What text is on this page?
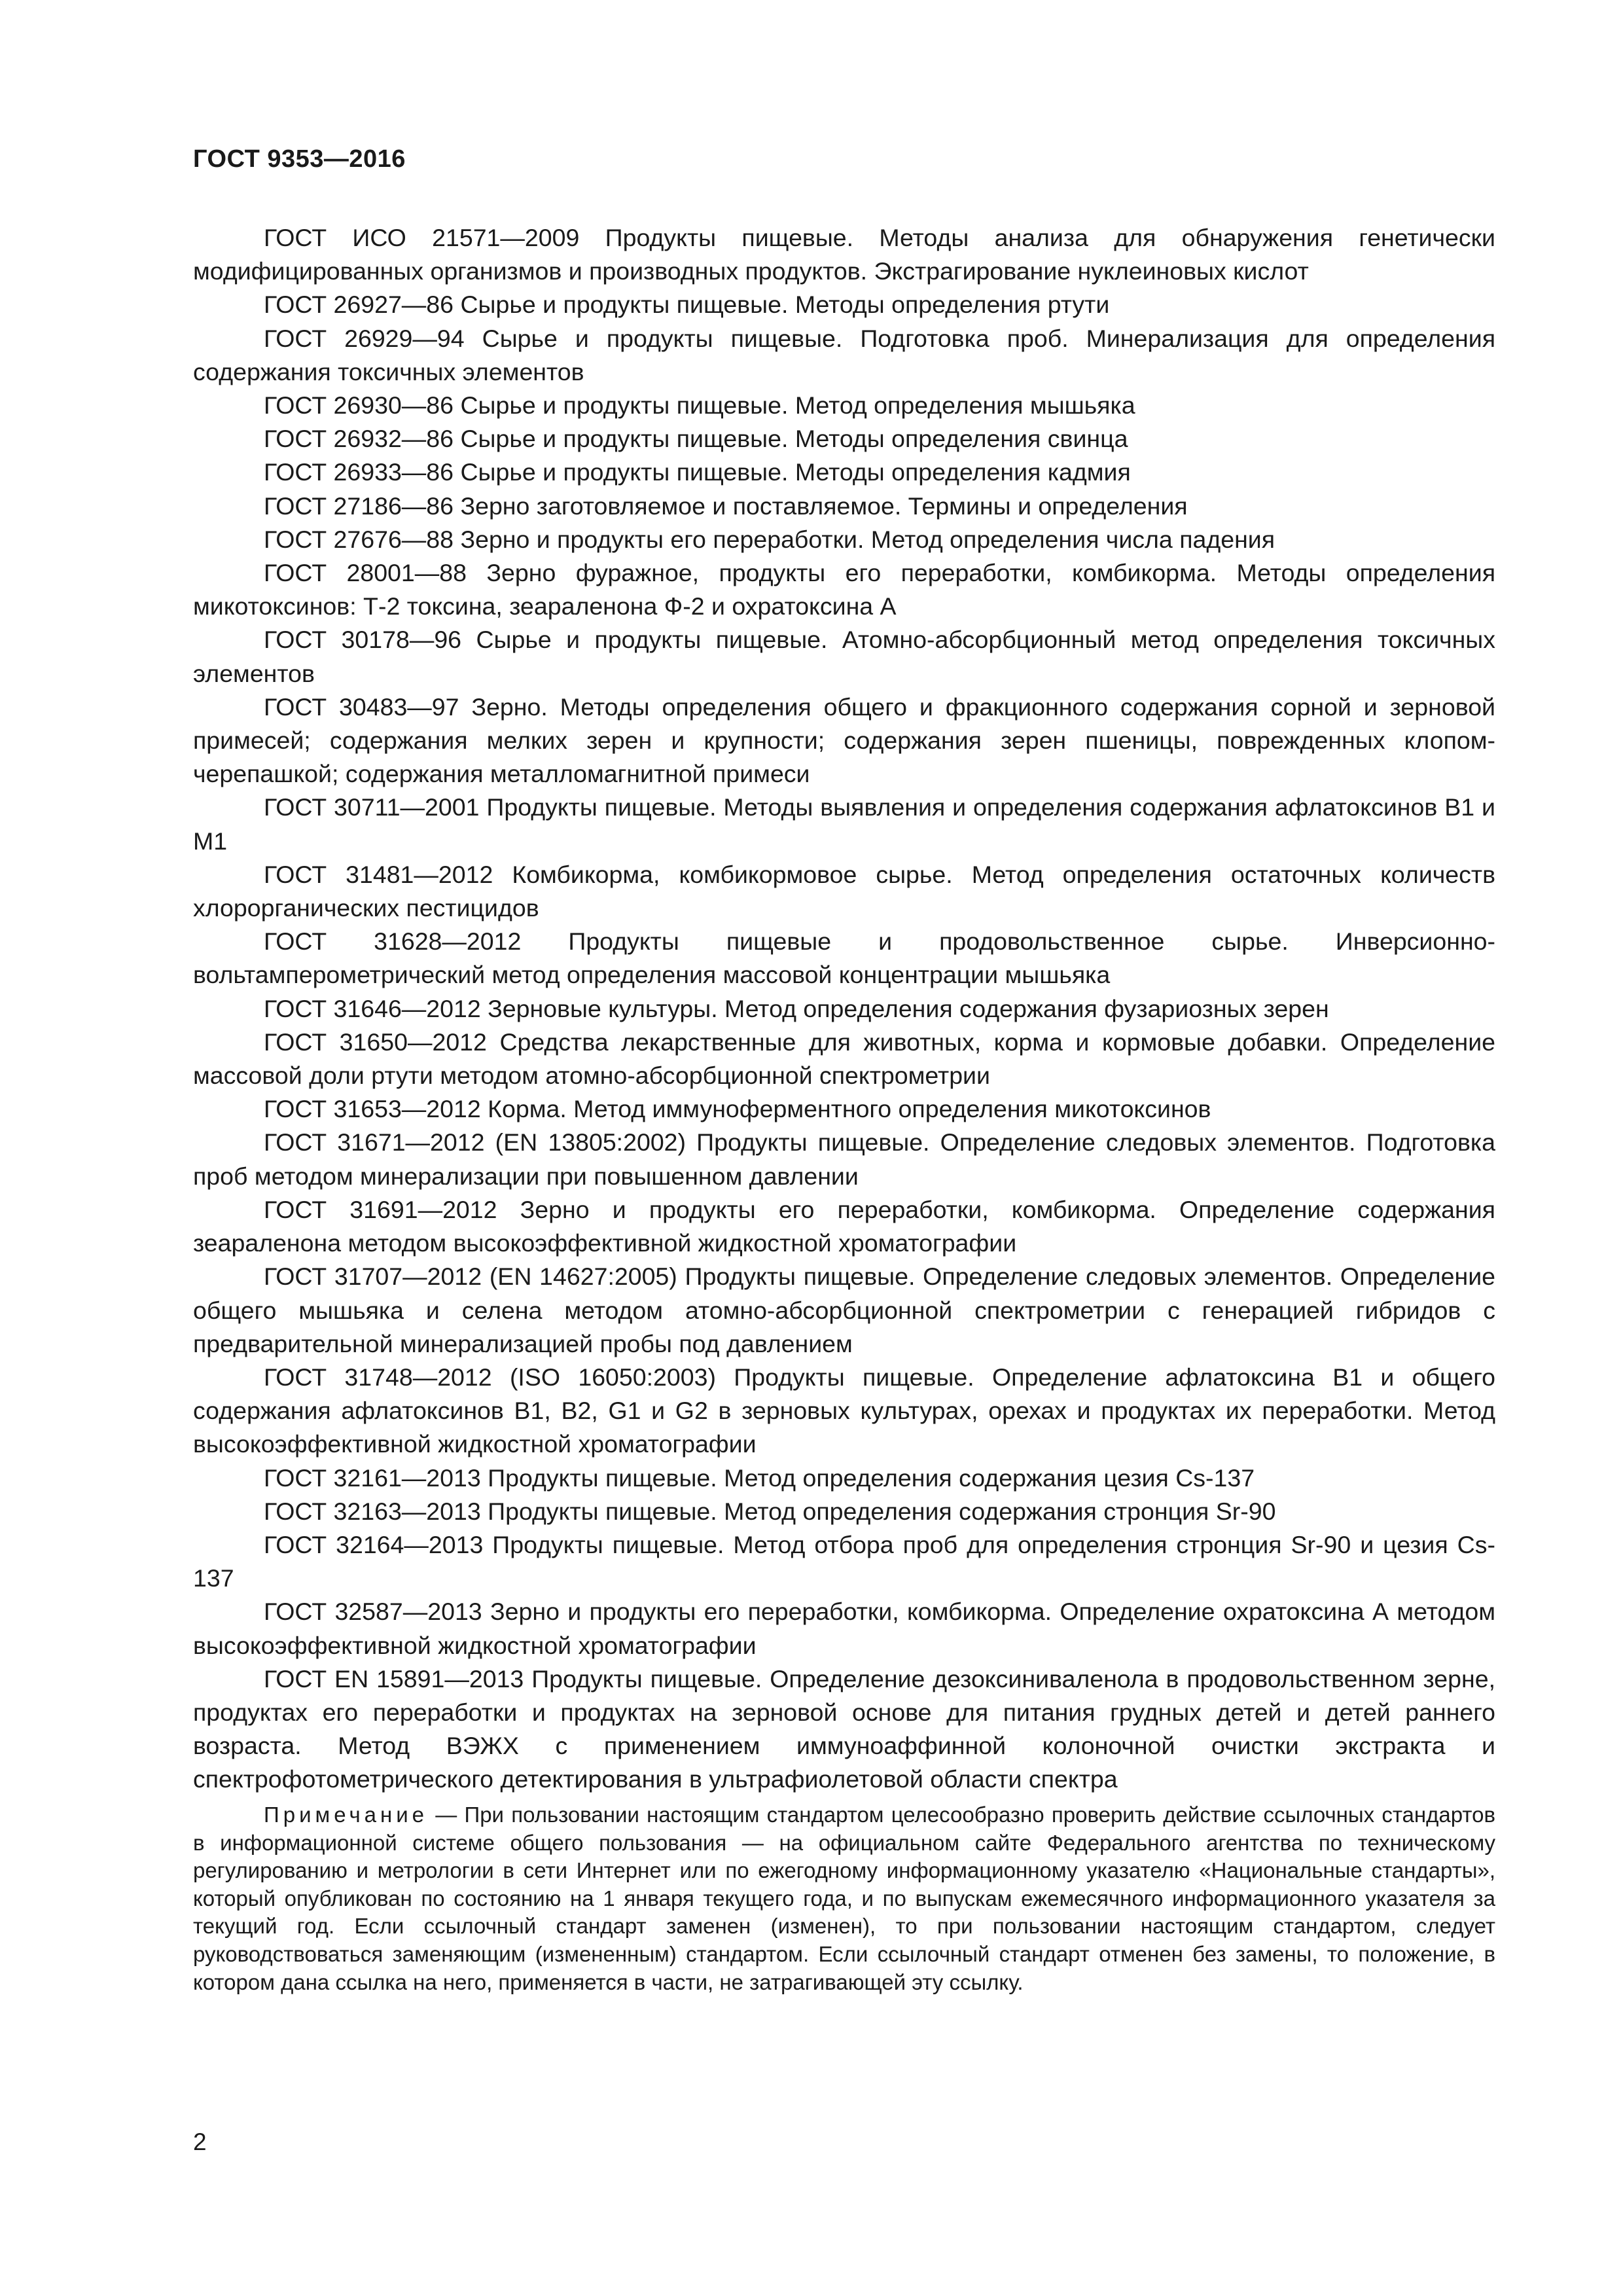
ГОСТ 9353—2016

ГОСТ ИСО 21571—2009 Продукты пищевые. Методы анализа для обнаружения генетически модифицированных организмов и производных продуктов. Экстрагирование нуклеиновых кислот

ГОСТ 26927—86 Сырье и продукты пищевые. Методы определения ртути

ГОСТ 26929—94 Сырье и продукты пищевые. Подготовка проб. Минерализация для определения содержания токсичных элементов

ГОСТ 26930—86 Сырье и продукты пищевые. Метод определения мышьяка

ГОСТ 26932—86 Сырье и продукты пищевые. Методы определения свинца

ГОСТ 26933—86 Сырье и продукты пищевые. Методы определения кадмия

ГОСТ 27186—86 Зерно заготовляемое и поставляемое. Термины и определения

ГОСТ 27676—88 Зерно и продукты его переработки. Метод определения числа падения

ГОСТ 28001—88 Зерно фуражное, продукты его переработки, комбикорма. Методы определения микотоксинов: Т-2 токсина, зеараленона Ф-2 и охратоксина А

ГОСТ 30178—96 Сырье и продукты пищевые. Атомно-абсорбционный метод определения токсичных элементов

ГОСТ 30483—97 Зерно. Методы определения общего и фракционного содержания сорной и зерновой примесей; содержания мелких зерен и крупности; содержания зерен пшеницы, поврежденных клопом-черепашкой; содержания металломагнитной примеси

ГОСТ 30711—2001 Продукты пищевые. Методы выявления и определения содержания афлатоксинов В1 и М1

ГОСТ 31481—2012 Комбикорма, комбикормовое сырье. Метод определения остаточных количеств хлорорганических пестицидов

ГОСТ 31628—2012 Продукты пищевые и продовольственное сырье. Инверсионно-вольтамперометрический метод определения массовой концентрации мышьяка

ГОСТ 31646—2012 Зерновые культуры. Метод определения содержания фузариозных зерен

ГОСТ 31650—2012 Средства лекарственные для животных, корма и кормовые добавки. Определение массовой доли ртути методом атомно-абсорбционной спектрометрии

ГОСТ 31653—2012 Корма. Метод иммуноферментного определения микотоксинов

ГОСТ 31671—2012 (EN 13805:2002) Продукты пищевые. Определение следовых элементов. Подготовка проб методом минерализации при повышенном давлении

ГОСТ 31691—2012 Зерно и продукты его переработки, комбикорма. Определение содержания зеараленона методом высокоэффективной жидкостной хроматографии

ГОСТ 31707—2012 (EN 14627:2005) Продукты пищевые. Определение следовых элементов. Определение общего мышьяка и селена методом атомно-абсорбционной спектрометрии с генерацией гибридов с предварительной минерализацией пробы под давлением

ГОСТ 31748—2012 (ISO 16050:2003) Продукты пищевые. Определение афлатоксина В1 и общего содержания афлатоксинов В1, В2, G1 и G2 в зерновых культурах, орехах и продуктах их переработки. Метод высокоэффективной жидкостной хроматографии

ГОСТ 32161—2013 Продукты пищевые. Метод определения содержания цезия Cs-137

ГОСТ 32163—2013 Продукты пищевые. Метод определения содержания стронция Sr-90

ГОСТ 32164—2013 Продукты пищевые. Метод отбора проб для определения стронция Sr-90 и цезия Cs-137

ГОСТ 32587—2013 Зерно и продукты его переработки, комбикорма. Определение охратоксина А методом высокоэффективной жидкостной хроматографии

ГОСТ EN 15891—2013 Продукты пищевые. Определение дезоксиниваленола в продовольственном зерне, продуктах его переработки и продуктах на зерновой основе для питания грудных детей и детей раннего возраста. Метод ВЭЖХ с применением иммуноаффинной колоночной очистки экстракта и спектрофотометрического детектирования в ультрафиолетовой области спектра

Примечание — При пользовании настоящим стандартом целесообразно проверить действие ссылочных стандартов в информационной системе общего пользования — на официальном сайте Федерального агентства по техническому регулированию и метрологии в сети Интернет или по ежегодному информационному указателю «Национальные стандарты», который опубликован по состоянию на 1 января текущего года, и по выпускам ежемесячного информационного указателя за текущий год. Если ссылочный стандарт заменен (изменен), то при пользовании настоящим стандартом, следует руководствоваться заменяющим (измененным) стандартом. Если ссылочный стандарт отменен без замены, то положение, в котором дана ссылка на него, применяется в части, не затрагивающей эту ссылку.

2
